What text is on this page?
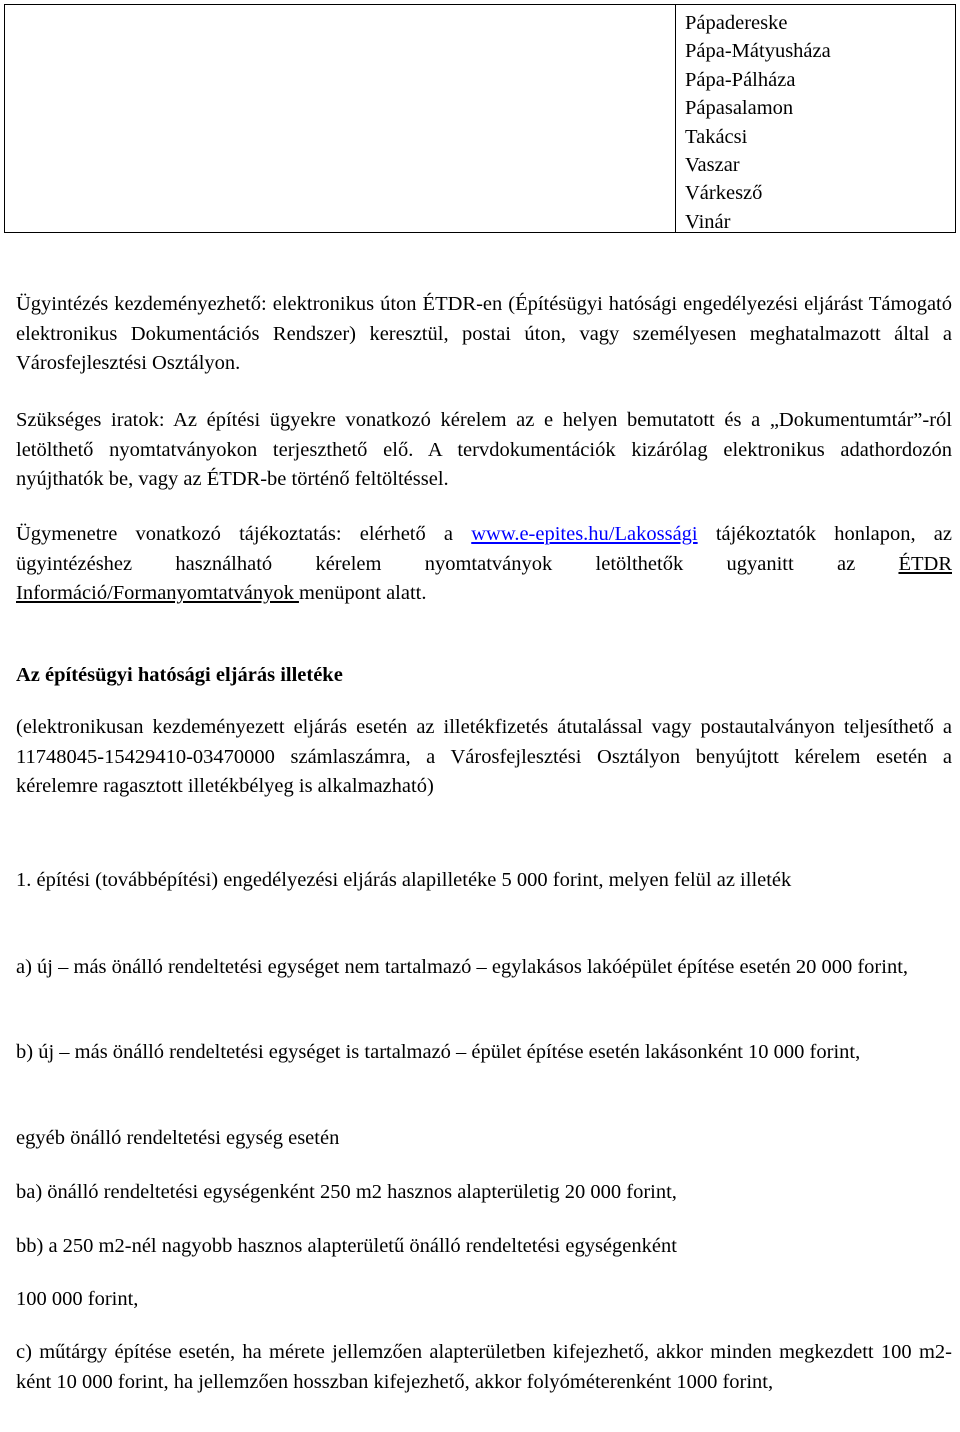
Pápadereske
Pápa-Mátyusháza
Pápa-Pálháza
Pápasalamon
Takácsi
Vaszar
Várkesző
Vinár

Ügyintézés kezdeményezhető: elektronikus úton ÉTDR-en (Építésügyi hatósági engedélyezési eljárást Támogató elektronikus Dokumentációs Rendszer) keresztül, postai úton, vagy személyesen meghatalmazott által a Városfejlesztési Osztályon.

Szükséges iratok: Az építési ügyekre vonatkozó kérelem az e helyen bemutatott és a „Dokumentumtár”-ról letölthető nyomtatványokon terjeszthető elő. A tervdokumentációk kizárólag elektronikus adathordozón nyújthatók be, vagy az ÉTDR-be történő feltöltéssel.

Ügymenetre vonatkozó tájékoztatás: elérhető a www.e-epites.hu/Lakossági tájékoztatók honlapon, az ügyintézéshez használható kérelem nyomtatványok letölthetők ugyanitt az ÉTDR Információ/Formanyomtatványok menüpont alatt.

Az építésügyi hatósági eljárás illetéke

(elektronikusan kezdeményezett eljárás esetén az illetékfizetés átutalással vagy postautalványon teljesíthető a 11748045-15429410-03470000 számlaszámra, a Városfejlesztési Osztályon benyújtott kérelem esetén a kérelemre ragasztott illetékbélyeg is alkalmazható)

1. építési (továbbépítési) engedélyezési eljárás alapilletéke 5 000 forint, melyen felül az illeték

a) új – más önálló rendeltetési egységet nem tartalmazó – egylakásos lakóépület építése esetén 20 000 forint,

b) új – más önálló rendeltetési egységet is tartalmazó – épület építése esetén lakásonként 10 000 forint,

egyéb önálló rendeltetési egység esetén

ba) önálló rendeltetési egységenként 250 m2 hasznos alapterületig 20 000 forint,

bb) a 250 m2-nél nagyobb hasznos alapterületű önálló rendeltetési egységenként

100 000 forint,

c) műtárgy építése esetén, ha mérete jellemzően alapterületben kifejezhető, akkor minden megkezdett 100 m2-ként 10 000 forint, ha jellemzően hosszban kifejezhető, akkor folyóméterenként 1000 forint,
